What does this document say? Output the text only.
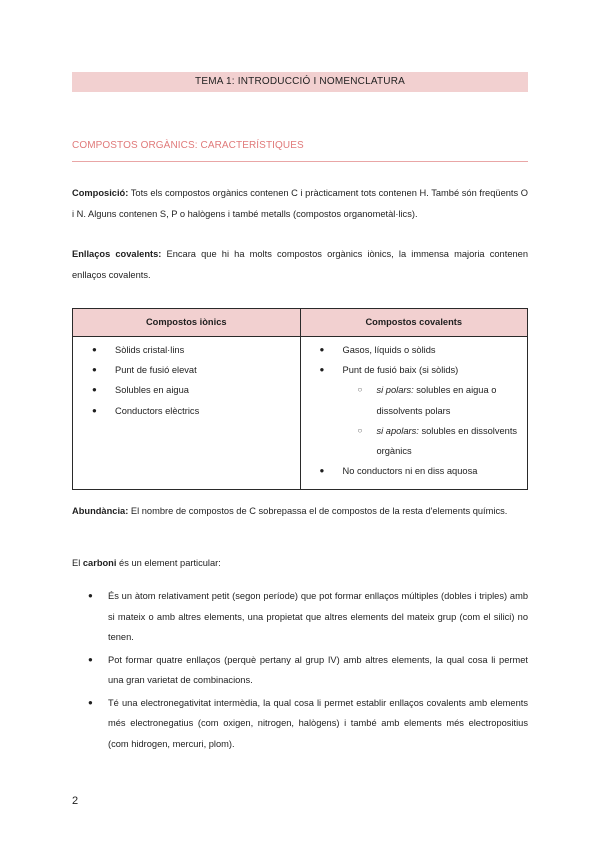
TEMA 1: INTRODUCCIÓ I NOMENCLATURA
COMPOSTOS ORGÀNICS: CARACTERÍSTIQUES
Composició: Tots els compostos orgànics contenen C i pràcticament tots contenen H. També són freqüents O i N. Alguns contenen S, P o halògens i també metalls (compostos organometàl·lics).
Enllaços covalents: Encara que hi ha molts compostos orgànics iònics, la immensa majoria contenen enllaços covalents.
Compostos iònics	Compostos covalents
● Sòlids cristal·lins
● Punt de fusió elevat
● Solubles en aigua
● Conductors elèctrics
● Gasos, líquids o sòlids
● Punt de fusió baix (si sòlids)
○ si polars: solubles en aigua o dissolvents polars
○ si apolars: solubles en dissolvents orgànics
● No conductors ni en diss aquosa
Abundància: El nombre de compostos de C sobrepassa el de compostos de la resta d'elements químics.
El carboni és un element particular:
● És un àtom relativament petit (segon període) que pot formar enllaços múltiples (dobles i triples) amb si mateix o amb altres elements, una propietat que altres elements del mateix grup (com el silici) no tenen.
● Pot formar quatre enllaços (perquè pertany al grup IV) amb altres elements, la qual cosa li permet una gran varietat de combinacions.
● Té una electronegativitat intermèdia, la qual cosa li permet establir enllaços covalents amb elements més electronegatius (com oxigen, nitrogen, halògens) i també amb elements més electropositius (com hidrogen, mercuri, plom).
2
